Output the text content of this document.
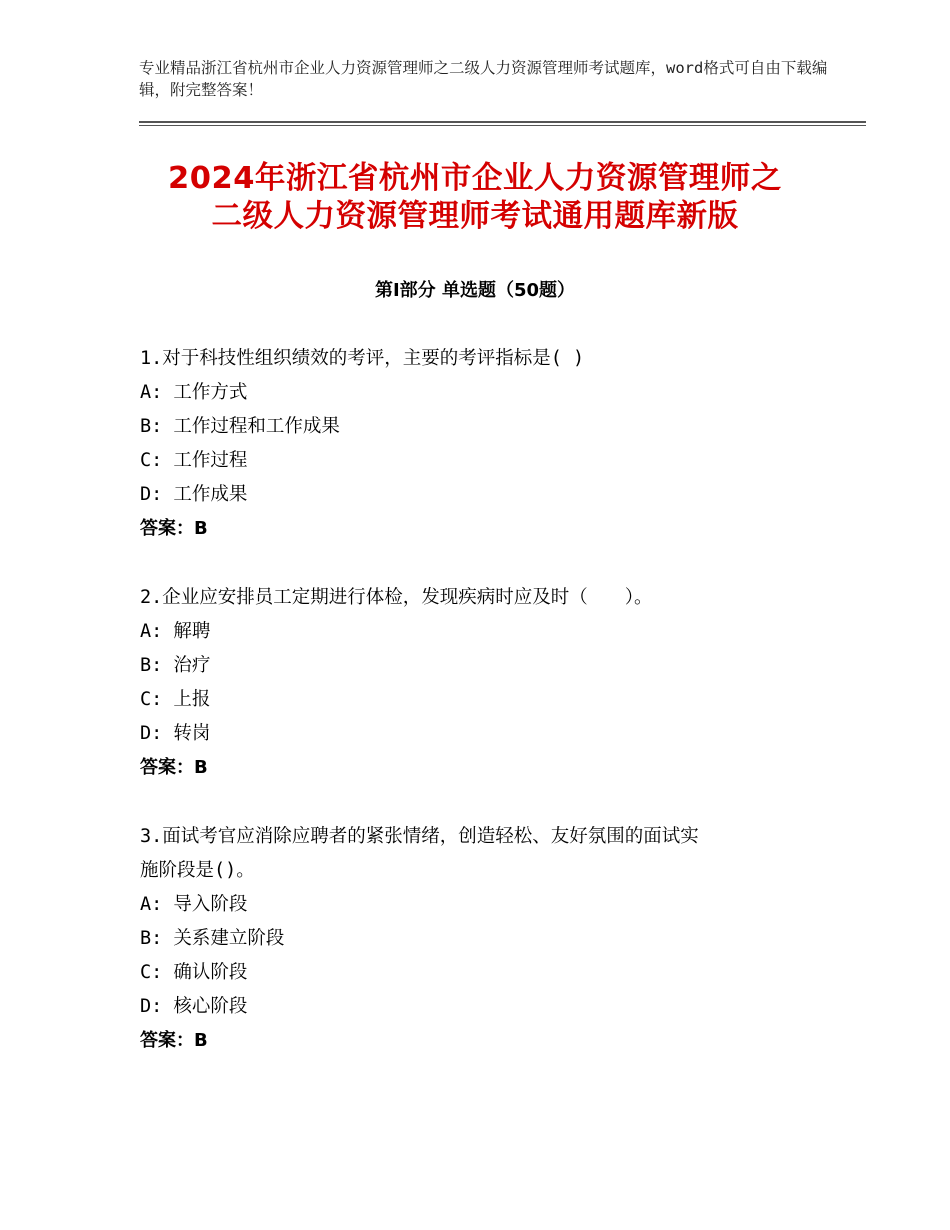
专业精品浙江省杭州市企业人力资源管理师之二级人力资源管理师考试题库，word格式可自由下载编辑，附完整答案！
2024年浙江省杭州市企业人力资源管理师之
二级人力资源管理师考试通用题库新版
第Ⅰ部分 单选题（50题）
1.对于科技性组织绩效的考评，主要的考评指标是( )
A: 工作方式
B: 工作过程和工作成果
C: 工作过程
D: 工作成果
答案：B
2.企业应安排员工定期进行体检，发现疾病时应及时（　　）。
A: 解聘
B: 治疗
C: 上报
D: 转岗
答案：B
3.面试考官应消除应聘者的紧张情绪，创造轻松、友好氛围的面试实
施阶段是()。
A: 导入阶段
B: 关系建立阶段
C: 确认阶段
D: 核心阶段
答案：B
